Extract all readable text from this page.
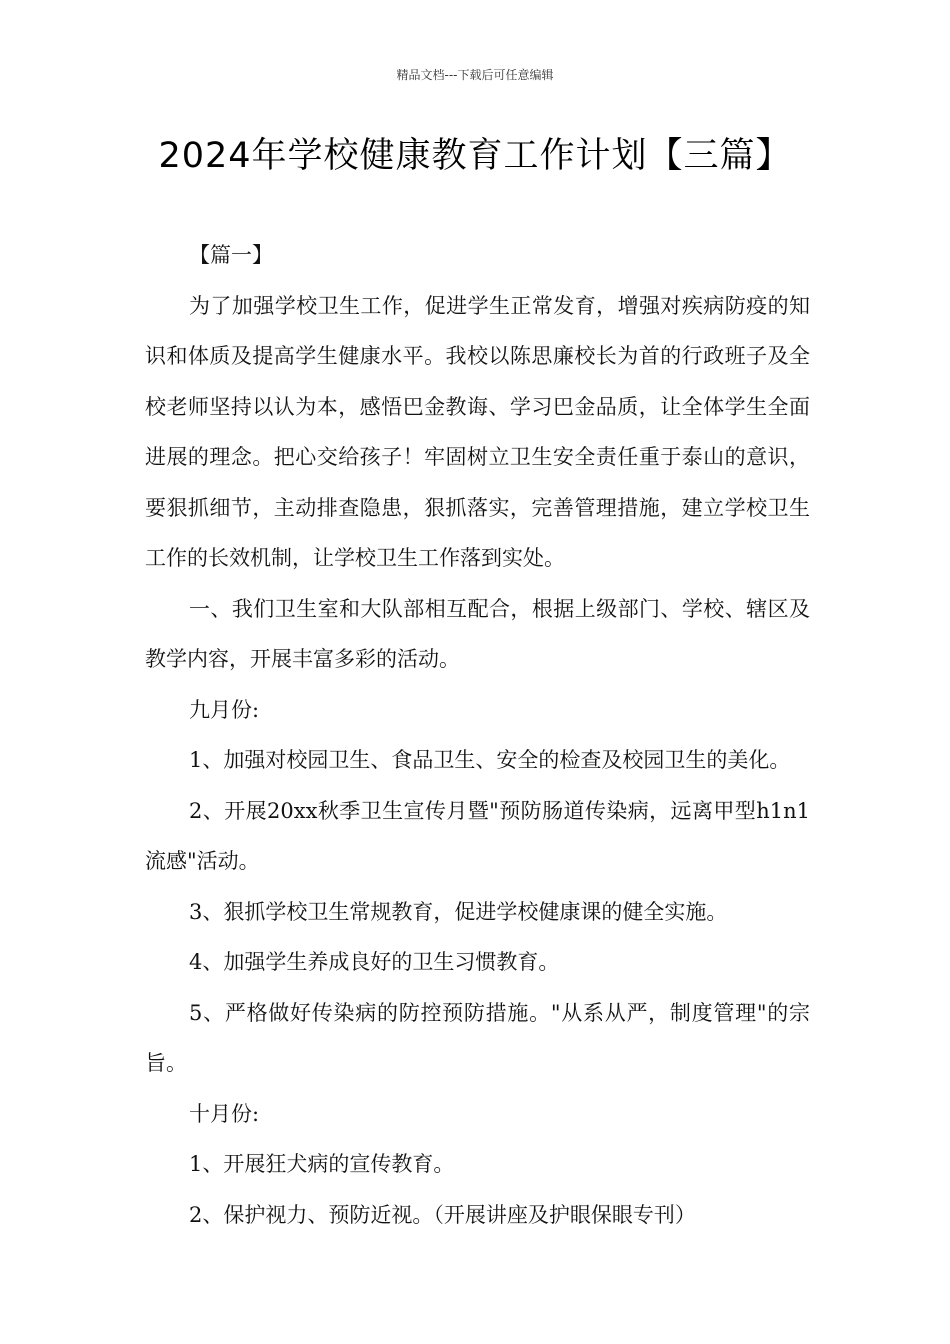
精品文档---下载后可任意编辑
2024年学校健康教育工作计划【三篇】

【篇一】

为了加强学校卫生工作，促进学生正常发育，增强对疾病防疫的知识和体质及提高学生健康水平。我校以陈思廉校长为首的行政班子及全校老师坚持以认为本，感悟巴金教诲、学习巴金品质，让全体学生全面进展的理念。把心交给孩子！牢固树立卫生安全责任重于泰山的意识，要狠抓细节，主动排查隐患，狠抓落实，完善管理措施，建立学校卫生工作的长效机制，让学校卫生工作落到实处。

一、我们卫生室和大队部相互配合，根据上级部门、学校、辖区及教学内容，开展丰富多彩的活动。

九月份:

1、加强对校园卫生、食品卫生、安全的检查及校园卫生的美化。

2、开展20xx秋季卫生宣传月暨"预防肠道传染病，远离甲型h1n1流感"活动。

3、狠抓学校卫生常规教育，促进学校健康课的健全实施。

4、加强学生养成良好的卫生习惯教育。

5、严格做好传染病的防控预防措施。"从系从严，制度管理"的宗旨。

十月份:

1、开展狂犬病的宣传教育。

2、保护视力、预防近视。（开展讲座及护眼保眼专刊）
